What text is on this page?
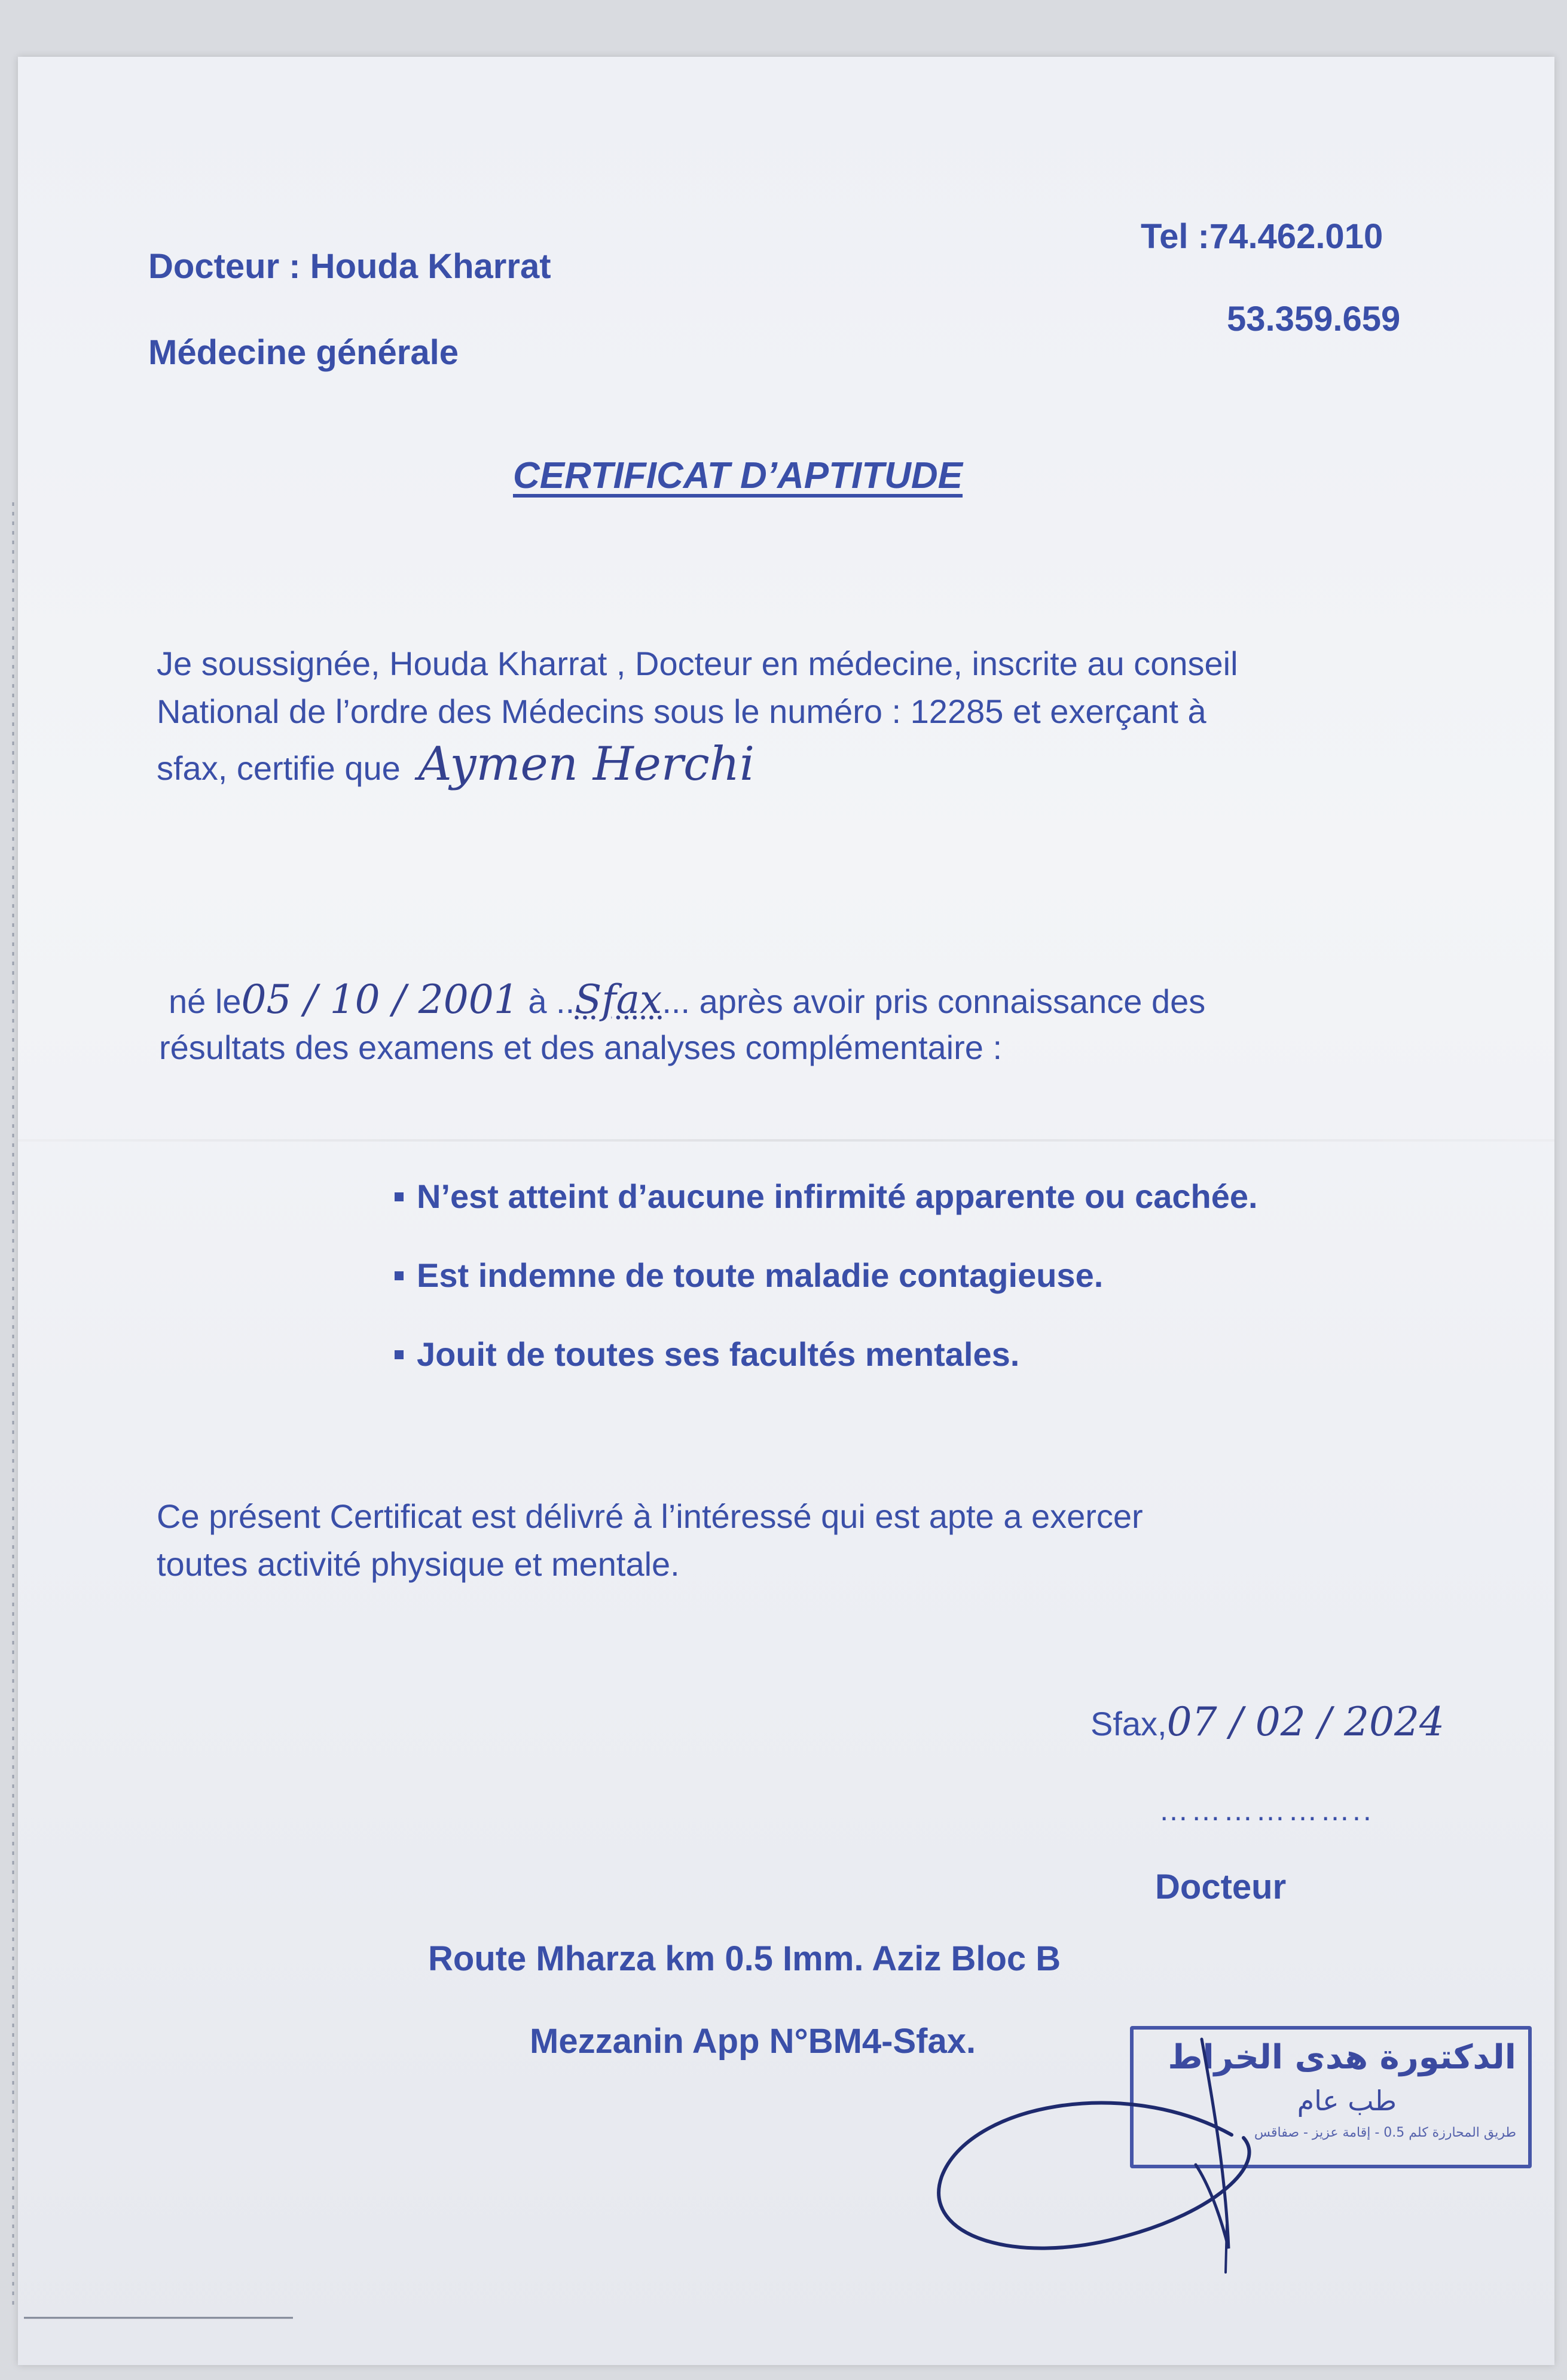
Docteur : Houda Kharrat
Médecine générale
Tel :74.462.010
53.359.659
CERTIFICAT D’APTITUDE
Je soussignée, Houda Kharrat , Docteur en médecine, inscrite au conseil
National de l’ordre des Médecins sous le numéro : 12285 et exerçant à
sfax, certifie que Aymen Herchi
né le05 / 10 / 2001 à ..Sfax... après avoir pris connaissance des
résultats des examens et des analyses complémentaire :
N’est atteint d’aucune infirmité apparente ou cachée.
Est indemne de toute maladie contagieuse.
Jouit de toutes ses facultés mentales.
Ce présent Certificat est délivré à l’intéressé qui est apte a exercer
toutes activité physique et mentale.
Sfax,07 / 02 / 2024
………………..
Docteur
Route Mharza km 0.5 Imm. Aziz Bloc B
Mezzanin App N°BM4-Sfax.	الدكتورة هدى الخراط
طب عام
طريق المحارزة كلم 0.5 - إقامة عزيز - صفاقس
